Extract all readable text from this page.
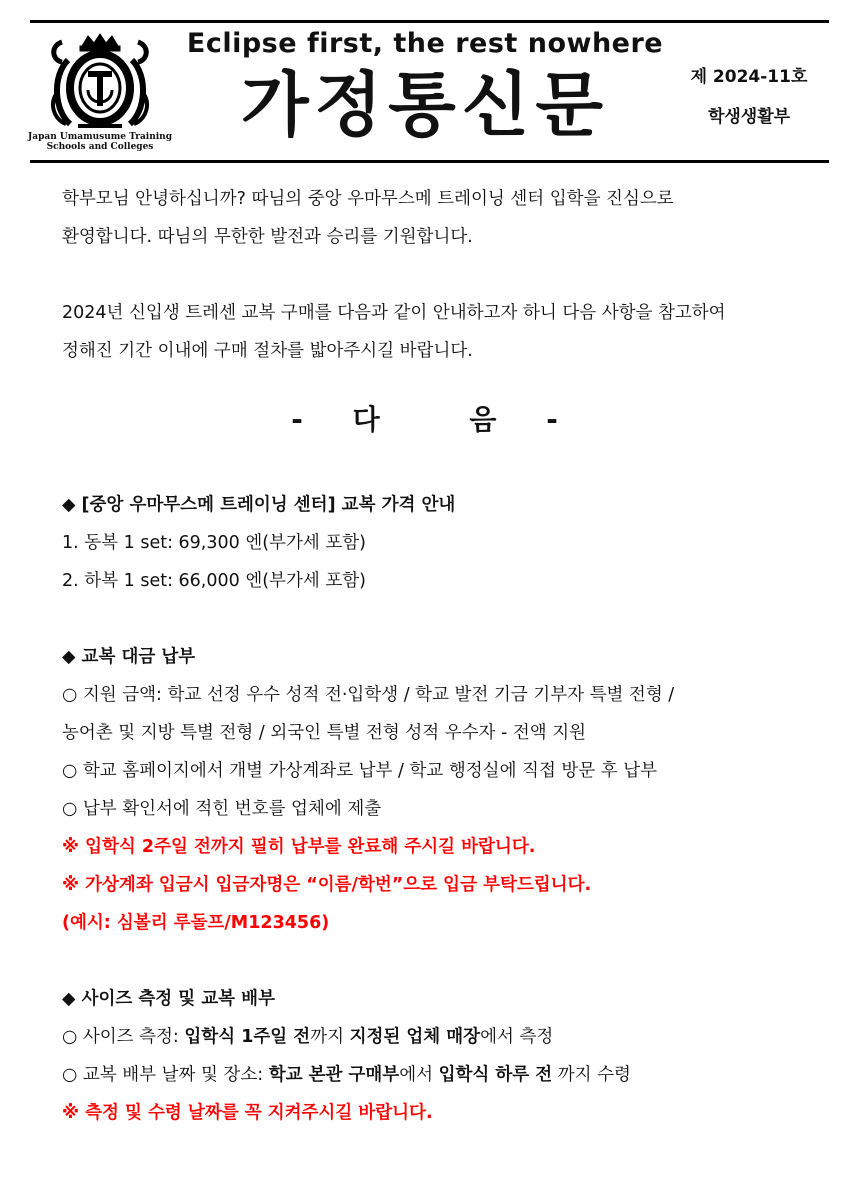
Japan Umamusume Training
Schools and Colleges
Eclipse first, the rest nowhere
가정통신문	제 2024-11호
학생생활부
학부모님 안녕하십니까? 따님의 중앙 우마무스메 트레이닝 센터 입학을 진심으로
환영합니다. 따님의 무한한 발전과 승리를 기원합니다.
2024년 신입생 트레센 교복 구매를 다음과 같이 안내하고자 하니 다음 사항을 참고하여
정해진 기간 이내에 구매 절차를 밟아주시길 바랍니다.
- 다	음 -
◆ [중앙 우마무스메 트레이닝 센터] 교복 가격 안내
1. 동복 1 set: 69,300 엔(부가세 포함)
2. 하복 1 set: 66,000 엔(부가세 포함)
◆ 교복 대금 납부
○ 지원 금액: 학교 선정 우수 성적 전·입학생 / 학교 발전 기금 기부자 특별 전형 /
농어촌 및 지방 특별 전형 / 외국인 특별 전형 성적 우수자 - 전액 지원
○ 학교 홈페이지에서 개별 가상계좌로 납부 / 학교 행정실에 직접 방문 후 납부
○ 납부 확인서에 적힌 번호를 업체에 제출
※ 입학식 2주일 전까지 필히 납부를 완료해 주시길 바랍니다.
※ 가상계좌 입금시 입금자명은 “이름/학번”으로 입금 부탁드립니다.
(예시: 심볼리 루돌프/M123456)
◆ 사이즈 측정 및 교복 배부
○ 사이즈 측정: 입학식 1주일 전까지 지정된 업체 매장에서 측정
○ 교복 배부 날짜 및 장소: 학교 본관 구매부에서 입학식 하루 전 까지 수령
※ 측정 및 수령 날짜를 꼭 지켜주시길 바랍니다.
